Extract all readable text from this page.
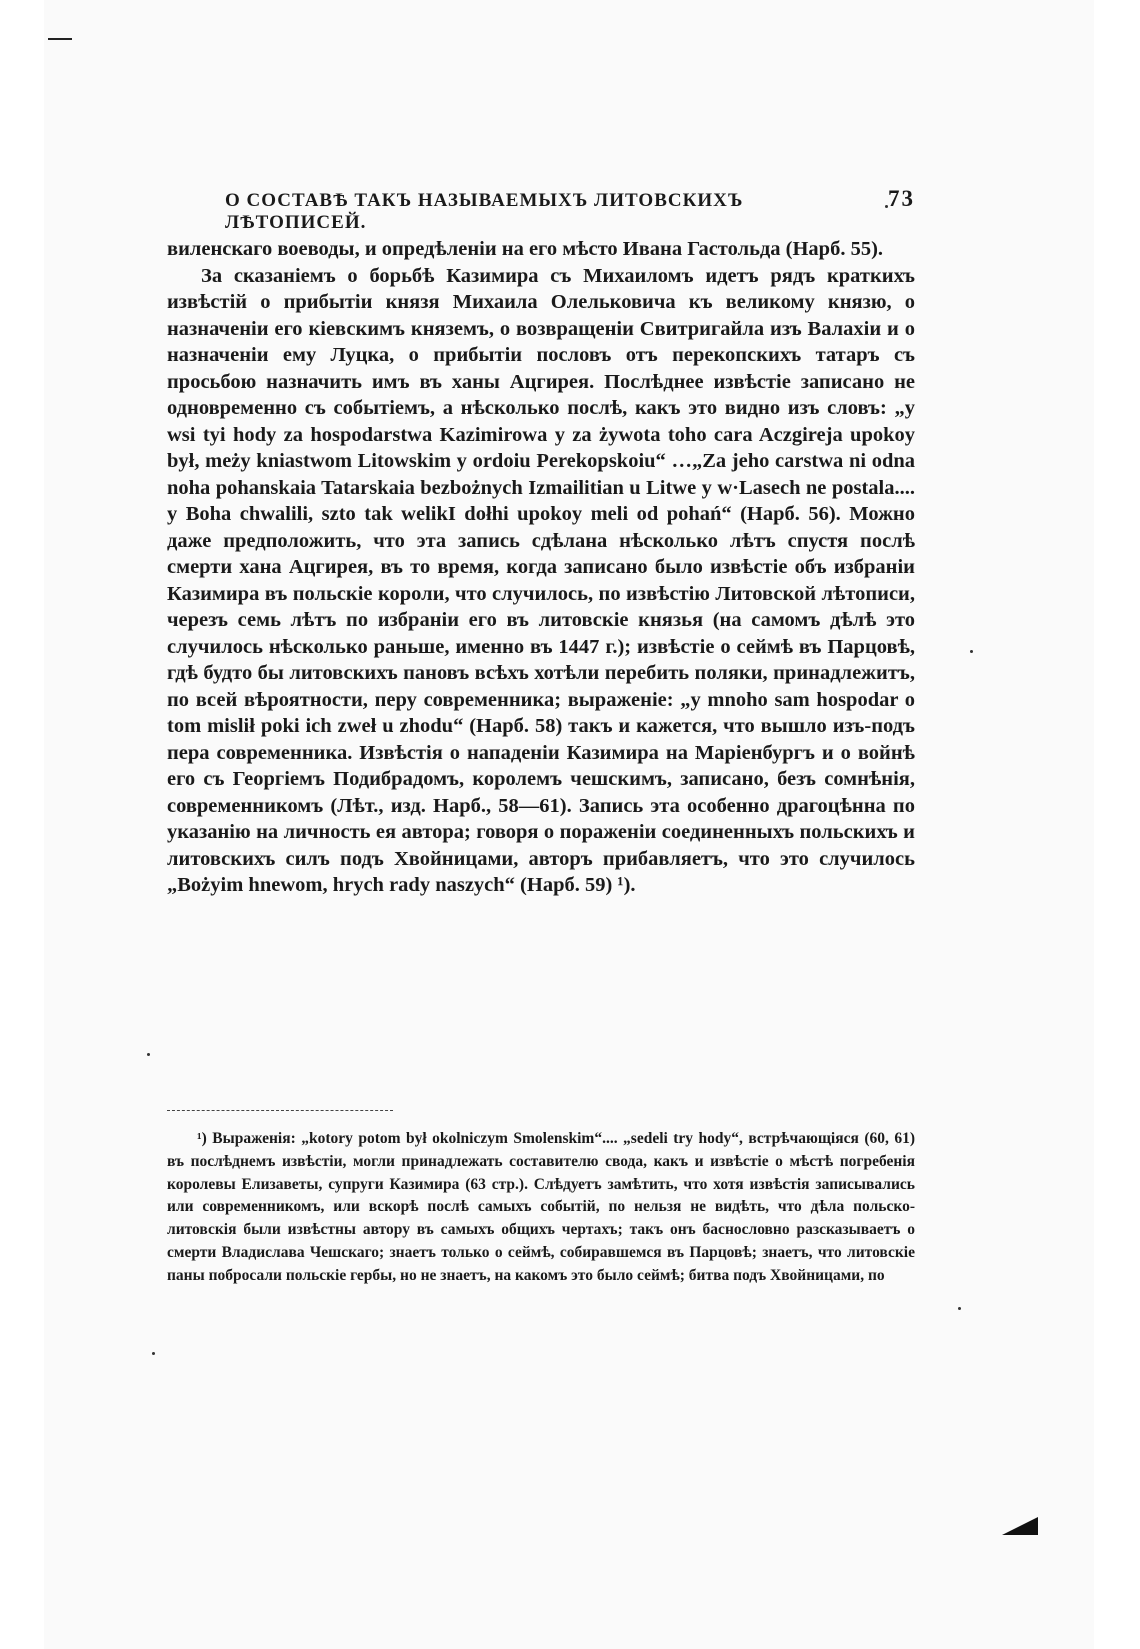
О СОСТАВѢ ТАКЪ НАЗЫВАЕМЫХЪ ЛИТОВСКИХЪ ЛѢТОПИСЕЙ.
73

виленскаго воеводы, и опредѣленіи на его мѣсто Ивана Гастольда (Нарб. 55).

За сказаніемъ о борьбѣ Казимира съ Михаиломъ идетъ рядъ краткихъ извѣстій о прибытіи князя Михаила Олельковича къ великому князю, о назначеніи его кіевскимъ княземъ, о возвращеніи Свитригайла изъ Валахіи и о назначеніи ему Луцка, о прибытіи пословъ отъ перекопскихъ татаръ съ просьбою назначить имъ въ ханы Ацгирея. Послѣднее извѣстіе записано не одновременно съ событіемъ, а нѣсколько послѣ, какъ это видно изъ словъ: „y wsi tyi hody za hospodarstwa Kazimirowa y za żywota toho cara Aczgireja upokoy był, meży kniastwom Litowskim y ordoiu Perekopskoiu“ …„Za jeho carstwa ni odna noha pohanskaia Tatarskaia bezbożnych Izmailitian u Litwe y w·Lasech ne postala.... y Boha chwalili, szto tak welikI dołhi upokoy meli od pohań“ (Нарб. 56). Можно даже предположить, что эта запись сдѣлана нѣсколько лѣтъ спустя послѣ смерти хана Ацгирея, въ то время, когда записано было извѣстіе объ избраніи Казимира въ польскіе короли, что случилось, по извѣстію Литовской лѣтописи, черезъ семь лѣтъ по избраніи его въ литовскіе князья (на самомъ дѣлѣ это случилось нѣсколько раньше, именно въ 1447 г.); извѣстіе о сеймѣ въ Парцовѣ, гдѣ будто бы литовскихъ пановъ всѣхъ хотѣли перебить поляки, принадлежитъ, по всей вѣроятности, перу современника; выраженіе: „y mnoho sam hospodar o tom mislił poki ich zweł u zhodu“ (Нарб. 58) такъ и кажется, что вышло изъ-подъ пера современника. Извѣстія о нападеніи Казимира на Маріенбургъ и о войнѣ его съ Георгіемъ Подибрадомъ, королемъ чешскимъ, записано, безъ сомнѣнія, современникомъ (Лѣт., изд. Нарб., 58—61). Запись эта особенно драгоцѣнна по указанію на личность ея автора; говоря о пораженіи соединенныхъ польскихъ и литовскихъ силъ подъ Хвойницами, авторъ прибавляетъ, что это случилось „Bożyim hnewom, hrych rady naszych“ (Нарб. 59) ¹).

¹) Выраженія: „kotory potom był okolniczym Smolenskim“.... „sedeli try hody“, встрѣчающіяся (60, 61) въ послѣднемъ извѣстіи, могли принадлежать составителю свода, какъ и извѣстіе о мѣстѣ погребенія королевы Елизаветы, супруги Казимира (63 стр.). Слѣдуетъ замѣтить, что хотя извѣстія записывались или современникомъ, или вскорѣ послѣ самыхъ событій, по нельзя не видѣть, что дѣла польско-литовскія были извѣстны автору въ самыхъ общихъ чертахъ; такъ онъ баснословно разсказываетъ о смерти Владислава Чешскаго; знаетъ только о сеймѣ, собиравшемся въ Парцовѣ; знаетъ, что литовскіе паны побросали польскіе гербы, но не знаетъ, на какомъ это было сеймѣ; битва подъ Хвойницами, по
